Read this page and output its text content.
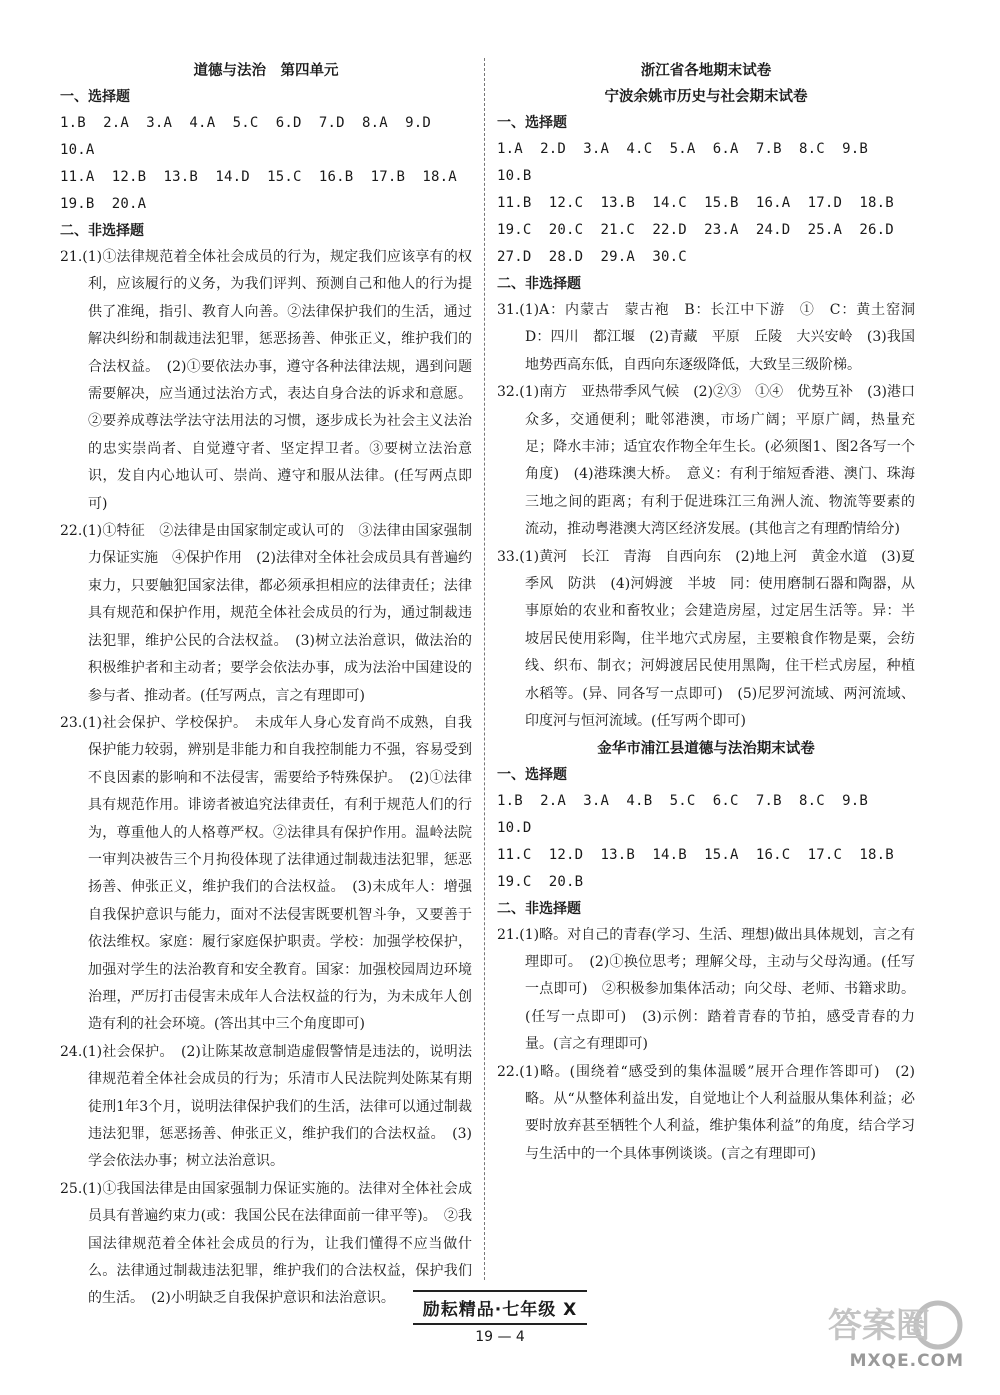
道德与法治　第四单元
一、选择题
1.B  2.A  3.A  4.A  5.C  6.D  7.D  8.A  9.D  10.A
11.A  12.B  13.B  14.D  15.C  16.B  17.B  18.A
19.B  20.A
二、非选择题

21.(1)①法律规范着全体社会成员的行为，规定我们应该享有的权利，应该履行的义务，为我们评判、预测自己和他人的行为提供了准绳，指引、教育人向善。②法律保护我们的生活，通过解决纠纷和制裁违法犯罪，惩恶扬善、伸张正义，维护我们的合法权益。　(2)①要依法办事，遵守各种法律法规，遇到问题需要解决，应当通过法治方式，表达自身合法的诉求和意愿。②要养成尊法学法守法用法的习惯，逐步成长为社会主义法治的忠实崇尚者、自觉遵守者、坚定捍卫者。③要树立法治意识，发自内心地认可、崇尚、遵守和服从法律。(任写两点即可)

22.(1)①特征　②法律是由国家制定或认可的　③法律由国家强制力保证实施　④保护作用　(2)法律对全体社会成员具有普遍约束力，只要触犯国家法律，都必须承担相应的法律责任；法律具有规范和保护作用，规范全体社会成员的行为，通过制裁违法犯罪，维护公民的合法权益。　(3)树立法治意识，做法治的积极维护者和主动者；要学会依法办事，成为法治中国建设的参与者、推动者。(任写两点，言之有理即可)

23.(1)社会保护、学校保护。　未成年人身心发育尚不成熟，自我保护能力较弱，辨别是非能力和自我控制能力不强，容易受到不良因素的影响和不法侵害，需要给予特殊保护。　(2)①法律具有规范作用。诽谤者被追究法律责任，有利于规范人们的行为，尊重他人的人格尊严权。②法律具有保护作用。温岭法院一审判决被告三个月拘役体现了法律通过制裁违法犯罪，惩恶扬善、伸张正义，维护我们的合法权益。　(3)未成年人：增强自我保护意识与能力，面对不法侵害既要机智斗争，又要善于依法维权。家庭：履行家庭保护职责。学校：加强学校保护，加强对学生的法治教育和安全教育。国家：加强校园周边环境治理，严厉打击侵害未成年人合法权益的行为，为未成年人创造有利的社会环境。(答出其中三个角度即可)

24.(1)社会保护。　(2)让陈某故意制造虚假警情是违法的，说明法律规范着全体社会成员的行为；乐清市人民法院判处陈某有期徒刑1年3个月，说明法律保护我们的生活，法律可以通过制裁违法犯罪，惩恶扬善、伸张正义，维护我们的合法权益。　(3)学会依法办事；树立法治意识。

25.(1)①我国法律是由国家强制力保证实施的。法律对全体社会成员具有普遍约束力(或：我国公民在法律面前一律平等)。　②我国法律规范着全体社会成员的行为，让我们懂得不应当做什么。法律通过制裁违法犯罪，维护我们的合法权益，保护我们的生活。　(2)小明缺乏自我保护意识和法治意识。

浙江省各地期末试卷
宁波余姚市历史与社会期末试卷
一、选择题
1.A  2.D  3.A  4.C  5.A  6.A  7.B  8.C  9.B  10.B
11.B  12.C  13.B  14.C  15.B  16.A  17.D  18.B
19.C  20.C  21.C  22.D  23.A  24.D  25.A  26.D
27.D  28.D  29.A  30.C
二、非选择题

31.(1)A：内蒙古　蒙古袍　B：长江中下游　①　C：黄土窑洞　D：四川　都江堰　(2)青藏　平原　丘陵　大兴安岭　(3)我国地势西高东低，自西向东逐级降低，大致呈三级阶梯。

32.(1)南方　亚热带季风气候　(2)②③　①④　优势互补　(3)港口众多，交通便利；毗邻港澳，市场广阔；平原广阔，热量充足；降水丰沛；适宜农作物全年生长。(必须图1、图2各写一个角度)　(4)港珠澳大桥。　意义：有利于缩短香港、澳门、珠海三地之间的距离；有利于促进珠江三角洲人流、物流等要素的流动，推动粤港澳大湾区经济发展。(其他言之有理酌情给分)

33.(1)黄河　长江　青海　自西向东　(2)地上河　黄金水道　(3)夏季风　防洪　(4)河姆渡　半坡　同：使用磨制石器和陶器，从事原始的农业和畜牧业；会建造房屋，过定居生活等。异：半坡居民使用彩陶，住半地穴式房屋，主要粮食作物是粟，会纺线、织布、制衣；河姆渡居民使用黑陶，住干栏式房屋，种植水稻等。(异、同各写一点即可)　(5)尼罗河流域、两河流域、印度河与恒河流域。(任写两个即可)

金华市浦江县道德与法治期末试卷
一、选择题
1.B  2.A  3.A  4.B  5.C  6.C  7.B  8.C  9.B  10.D
11.C  12.D  13.B  14.B  15.A  16.C  17.C  18.B
19.C  20.B
二、非选择题

21.(1)略。对自己的青春(学习、生活、理想)做出具体规划，言之有理即可。　(2)①换位思考；理解父母，主动与父母沟通。(任写一点即可)　②积极参加集体活动；向父母、老师、书籍求助。(任写一点即可)　(3)示例：踏着青春的节拍，感受青春的力量。(言之有理即可)

22.(1)略。(围绕着“感受到的集体温暖”展开合理作答即可)　(2)略。从“从整体利益出发，自觉地让个人利益服从集体利益；必要时放弃甚至牺牲个人利益，维护集体利益”的角度，结合学习与生活中的一个具体事例谈谈。(言之有理即可)

励耘精品·七年级 X
19 — 4	答案圈
MXQE.COM
